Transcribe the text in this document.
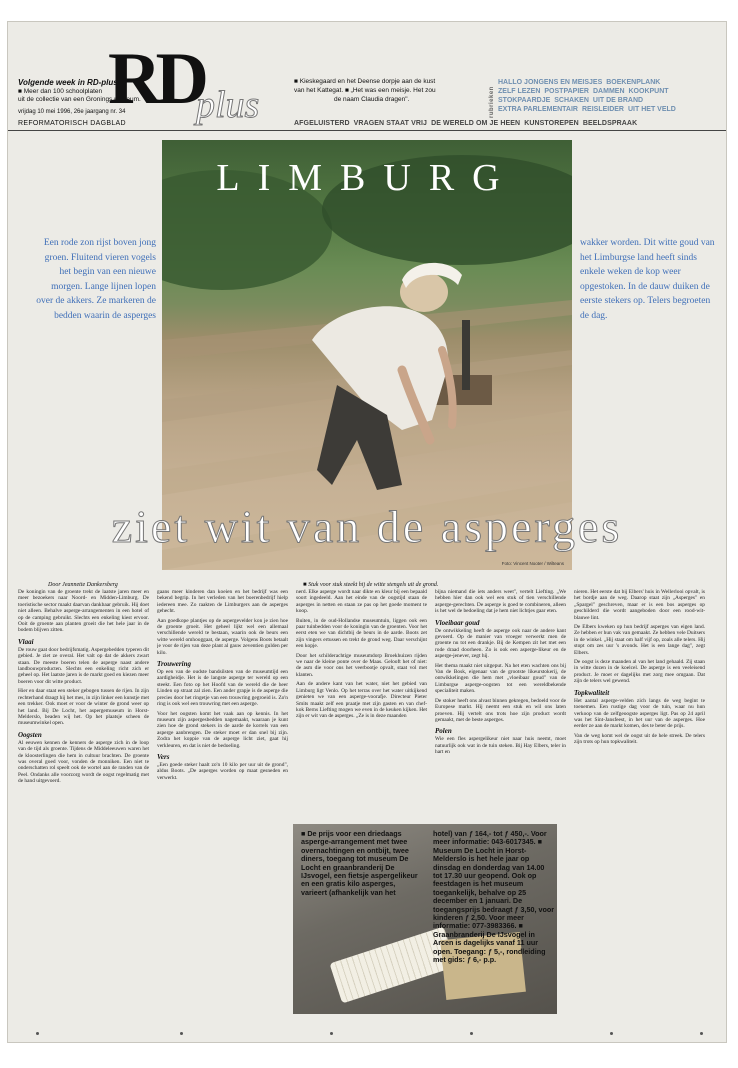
Volgende week in RD-plus:
■ Meer dan 100 schoolplaten
uit de collectie van een Gronings museum.
vrijdag 10 mei 1996, 26e jaargang nr. 34
REFORMATORISCH DAGBLAD
RD
plus
■ Kieskegaard en het Deense dorpje aan de kust
van het Kattegat. ■ „Het was een meisje. Het zou
de naam Claudia dragen".	rubrieken
HALLO JONGENS EN MEISJES BOEKENPLANK
ZELF LEZEN POSTPAPIER DAMMEN KOOKPUNT
STOKPAARDJE SCHAKEN UIT DE BRAND
EXTRA PARLEMENTAIR REISLEIDER UIT HET VELD
AFGELUISTERD VRAGEN STAAT VRIJ DE WERELD OM JE HEEN KUNSTOREPEN BEELDSPRAAK
LIMBURG
Foto: Vincent Nooter / Wilteans
Een rode zon rijst boven jong groen. Fluitend vieren vogels het begin van een nieuwe morgen. Lange lijnen lopen over de akkers. Ze markeren de bedden waarin de asperges
wakker worden. Dit witte goud van het Limburgse land heeft sinds enkele weken de kop weer opgestoken. In de dauw duiken de eerste stekers op. Telers begroeten de dag.
ziet wit van de asperges
Door Jeannette Dankersberg	■ Stuk voor stuk steekt hij de witte stengels uit de grond.

De koningin van de groente trekt de laatste jaren meer en meer bezoekers naar Noord- en Midden-Limburg. De toeristische sector maakt daarvan dankbaar gebruik. Hij doet niet alleen. Behalve asperge-arrangementen in een hotel of op de camping gebruikt. Slechts een enkeling kiest ervoor. Ooit de groente aan planten groeit die het hele jaar in de bodem blijven zitten.

Vlaai

De rouw gaat door bedrijfsmatig. Aspergebedden typeren dit gebied. Je ziet ze overal. Het valt op dat de akkers zwart staan. De meeste boeren telen de asperge naast andere landbouwproducten. Slechts een enkeling richt zich er geheel op. Het laatste jaren is de markt goed en kiezen meer boeren voor dit witte product.

Hier en daar staat een steker gebogen tussen de rijen. In zijn rechterhand draagt hij het mes, in zijn linker een kunstje met een trekker. Ook moet er voor de winter de grond weer op het land. Bij De Locht, het aspergemuseum in Horst-Melderslo, beaden wij het. Op het plaatsje scheen de museumwinkel open.

Oogsten

Al eeuwen kennen de kenners de asperge zich in de loop van de tijd als groente. Tijdens de Middeleeuwen waren het de kloosterlingen die hem in cultuur brachten. De groente was overal goed voor, vonden de monniken. Een niet te onderschatten rol speelt ook de wortel aan de randen van de Peel. Ondanks alle voorzorg wordt de oogst regelmatig met de hand uitgevoerd.

gaans meer kinderen dan koeien en het bedrijf was een bekend begrip. In het verleden van het boerenbedrijf hielp iedereen mee. Zo raakten de Limburgers aan de asperges gehecht.

Aan goedkope plantjes op de aspergevelder kon je zien hoe de groente groeit. Het geheel lijkt wel een allemaal verschillende wereld te bestaan, waarin ook de beurs een witte wereld omhooggaat, de asperge. Volgens Boots betaalt je voor de rijen van deze plant al gauw zeventien gulden per kilo.

Trouwering

Op een van de oudste bandsilsten van de museumtijd een aardigheidje. Het is de langste asperge ter wereld op een steekt. Een foto op het Hoofd van de wereld die de heer Linden op straat zal zien. Een ander grapje is de asperge die precies door het ringetje van een trouwring gegroeid is. Zo'n ring is ook wel een trouwring met een asperge.

Voor het oogsten komt het vaak aan op kennis. In het museum zijn aspergesbedden nagemaakt, waaraan je kunt zien hoe de grond stekers in de aarde de korrels van een asperge aanbrengen. De steker moet er dan snel bij zijn. Zodra het koppie van de asperge licht ziet, gaat hij verkleuren, en dat is niet de bedoeling.

Vers

„Een goede steker haalt zo'n 10 kilo per uur uit de grond", aldus Boots. „De asperges worden op maat gesneden en verwerkt.

nerd. Elke asperge wordt naar dikte en kleur bij een bepaald soort ingedeeld. Aan het einde van de oogstijd staan de asperges in netten en staan ze pas op het goede moment te koop.

Buiten, in de oud-Hollandse museumtuin, liggen ook een paar tuinbedden voor de koningin van de groenten. Voor het eerst eten we van dichtbij de beurs in de aarde. Boots zet zijn vingers ertussen en trekt de grond weg. Daar verschijnt een kopje.

Door het schilderachtige museumdorp Broekhuizen rijden we naar de kleine ponte over de Maas. Gelooft het of niet: de asm die voor ons het veerbootje opvalt, staat vol met klanten.

Aan de andere kant van het water, niet het gebied van Limburg ligt Venlo. Op het terras over het water uitkijkend genieten we van een asperge-voorafje. Directeur Pieter Smits maakt zelf een praatje met zijn gasten en van chef-kok Berns Liefting mogen we even in de keuken kijken. Het zijn er wit van de asperges. „Ze is in deze maanden

bijna niemand die iets anders weet", vertelt Liefting. „We hebben hier dan ook wel een stuk of tien verschillende asperge-gerechten. De asperge is goed te combineren, alleen is het wel de bedoeling dat je hem niet lichtjes gaar eten.

Vloeibaar goud

De ontwikkeling heeft de asperge ook naar de andere kant gevoerd. Op de manier van vroeger verwerkt men de groente nu tot een drankje. Bij de Kempen zit het met een rode draad doorheen. Zo is ook een asperge-likeur en de asperge-jenever, zegt hij.

Het thema maakt niet uitgeput. Na het eten wachten ons bij Van de Bosk, eigenaar van de grootste likeurstokerij, de ontwikkelingen die hem met „vloeibaar goud" van de Limburgse asperge-oogsten tot een wereldbekende specialiteit maken.

De stoker heeft ons alvast binnen gekregen, bedoeld voor de Europese markt. Hij neemt een stuk en wil ons laten proeven. Hij vertelt ons trots hoe zijn product wordt gemaakt, met de beste asperges.

Polen

Wie een fles aspergelikeur niet naar huis neemt, moet natuurlijk ook wat in de tuin steken. Bij Hay Elbers, teler in hart en

nieren. Het eerste dat bij Elbers' huis in Wellerlooi opvalt, is het bordje aan de weg. Daarop staat zijn „Asperges" en „Spargel" geschreven, maar er is een bos asperges op geschilderd die wordt aangeboden door een rood-wit-blauwe lint.

De Elbers kweken op hun bedrijf asperges van eigen land. Ze hebben er hun vak van gemaakt. Ze hebben vele Duitsers in de winkel. „Hij staat om half vijf op, zoals alle telers. Hij stopt om zes uur 's avonds. Het is een lange dag", zegt Elbers.

De oogst is deze maanden al van het land gehaald. Zij staan in witte dozen in de koelcel. De asperge is een veeleisend product. Je moet er dagelijks met zorg mee omgaan. Dat zijn de telers wel gewend.

Topkwaliteit

Het aantal asperge-velden zich langs de weg begint te toenemen. Een rustige dag voor de tuin, waar nu hun verkoop van de zelfgeoogste asperges ligt. Pas op 24 april was het Sint-Jansfeest, in het uur van de asperges. Hoe eerder ze aan de markt komen, des te beter de prijs.

Van de weg komt wel de oogst uit de hele streek. De telers zijn trots op hun topkwaliteit.

■ De prijs voor een driedaags asperge-arrangement met twee overnachtingen en ontbijt, twee diners, toegang tot museum De Locht en graanbranderij De IJsvogel, een fietsje aspergelikeur en een gratis kilo asperges, varieert (afhankelijk van het
hotel) van ƒ 164,- tot ƒ 450,-. Voor meer informatie: 043-6017345. ■ Museum De Locht in Horst-Melderslo is het hele jaar op dinsdag en donderdag van 14.00 tot 17.30 uur geopend. Ook op feestdagen is het museum toegankelijk, behalve op 25 december en 1 januari. De toegangsprijs bedraagt ƒ 3,50, voor kinderen ƒ 2,50. Voor meer informatie: 077-3983366. ■ Graanbranderij De IJsvogel in Arcen is dagelijks vanaf 11 uur open. Toegang: ƒ 5,-, rondleiding met gids: ƒ 6,- p.p.
